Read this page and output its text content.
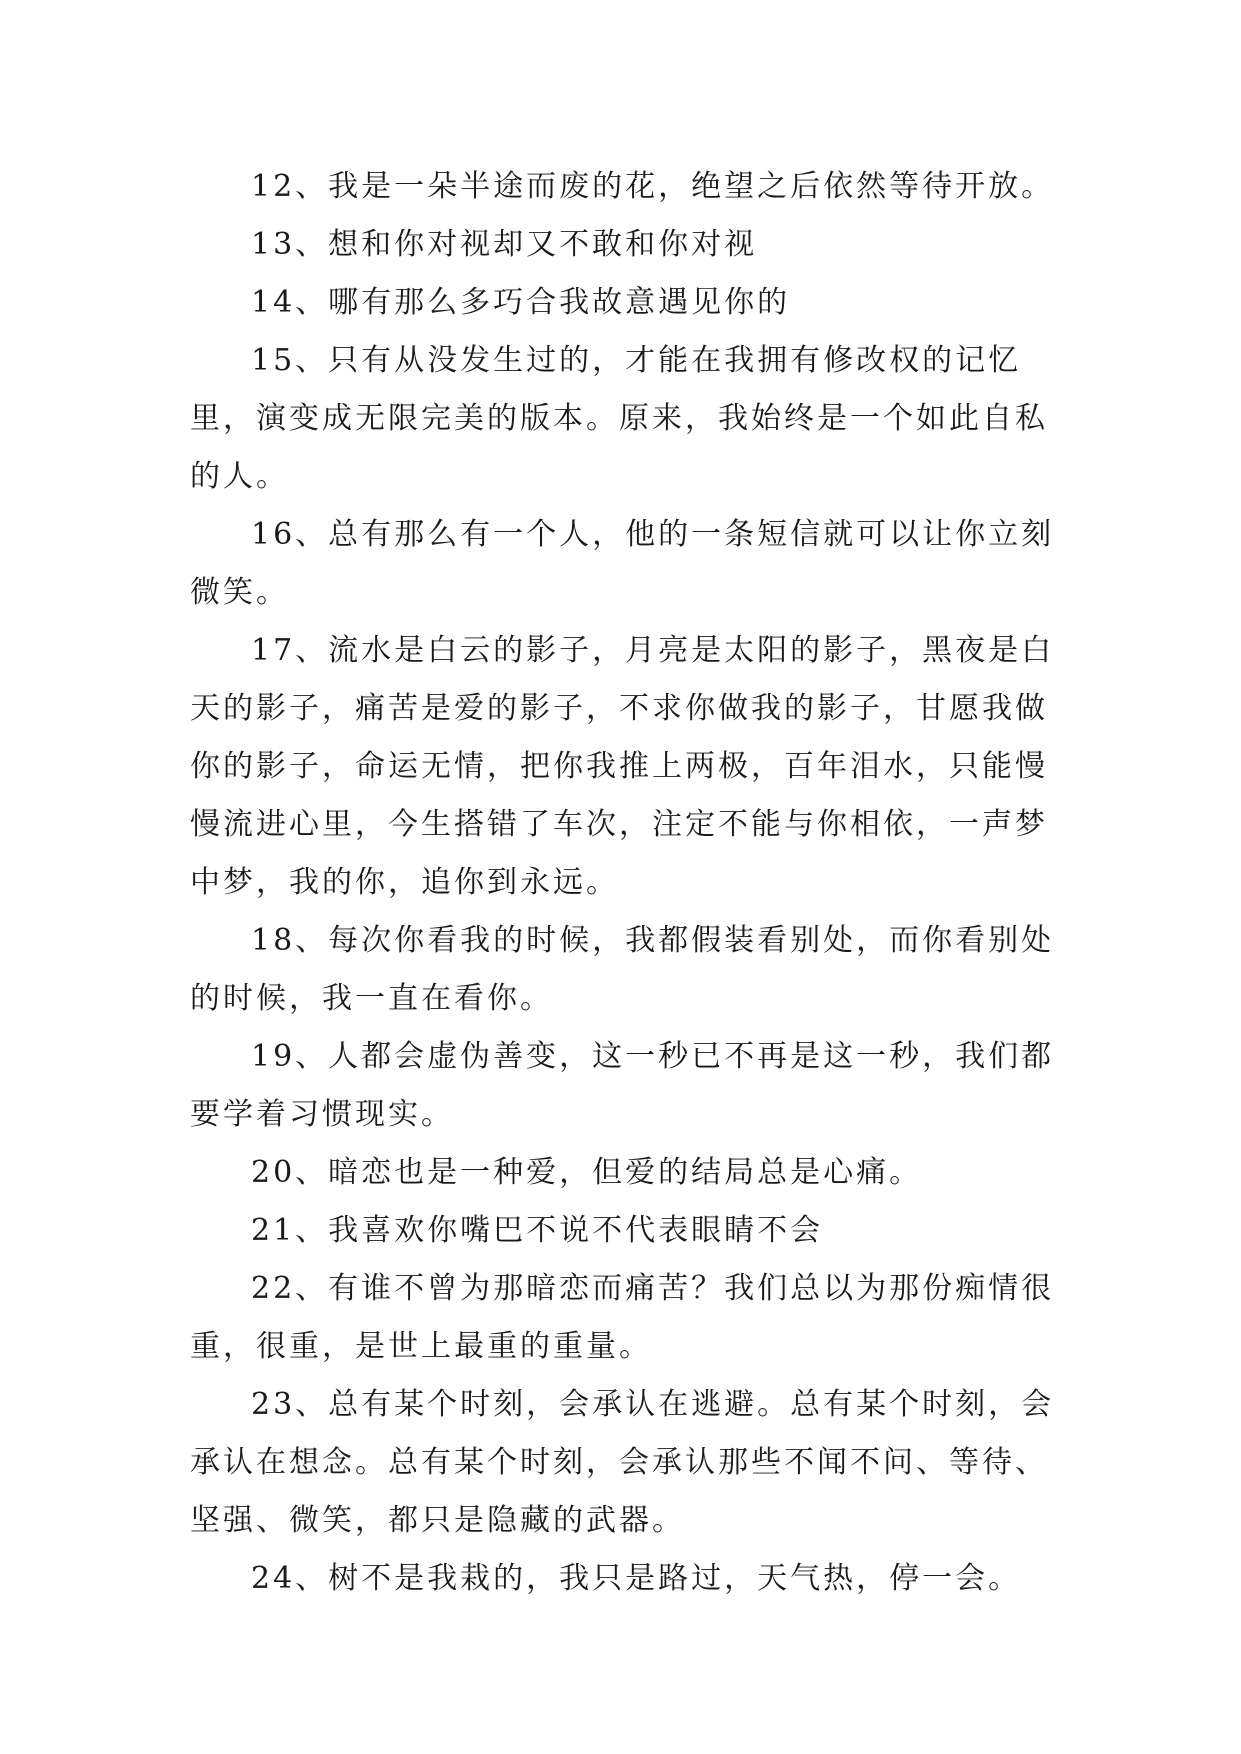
12、我是一朵半途而废的花，绝望之后依然等待开放。

13、想和你对视却又不敢和你对视

14、哪有那么多巧合我故意遇见你的

15、只有从没发生过的，才能在我拥有修改权的记忆里，演变成无限完美的版本。原来，我始终是一个如此自私的人。

16、总有那么有一个人，他的一条短信就可以让你立刻微笑。

17、流水是白云的影子，月亮是太阳的影子，黑夜是白天的影子，痛苦是爱的影子，不求你做我的影子，甘愿我做你的影子，命运无情，把你我推上两极，百年泪水，只能慢慢流进心里，今生搭错了车次，注定不能与你相依，一声梦中梦，我的你，追你到永远。

18、每次你看我的时候，我都假装看别处，而你看别处的时候，我一直在看你。

19、人都会虚伪善变，这一秒已不再是这一秒，我们都要学着习惯现实。

20、暗恋也是一种爱，但爱的结局总是心痛。

21、我喜欢你嘴巴不说不代表眼睛不会

22、有谁不曾为那暗恋而痛苦？我们总以为那份痴情很重，很重，是世上最重的重量。

23、总有某个时刻，会承认在逃避。总有某个时刻，会承认在想念。总有某个时刻，会承认那些不闻不问、等待、坚强、微笑，都只是隐藏的武器。

24、树不是我栽的，我只是路过，天气热，停一会。
